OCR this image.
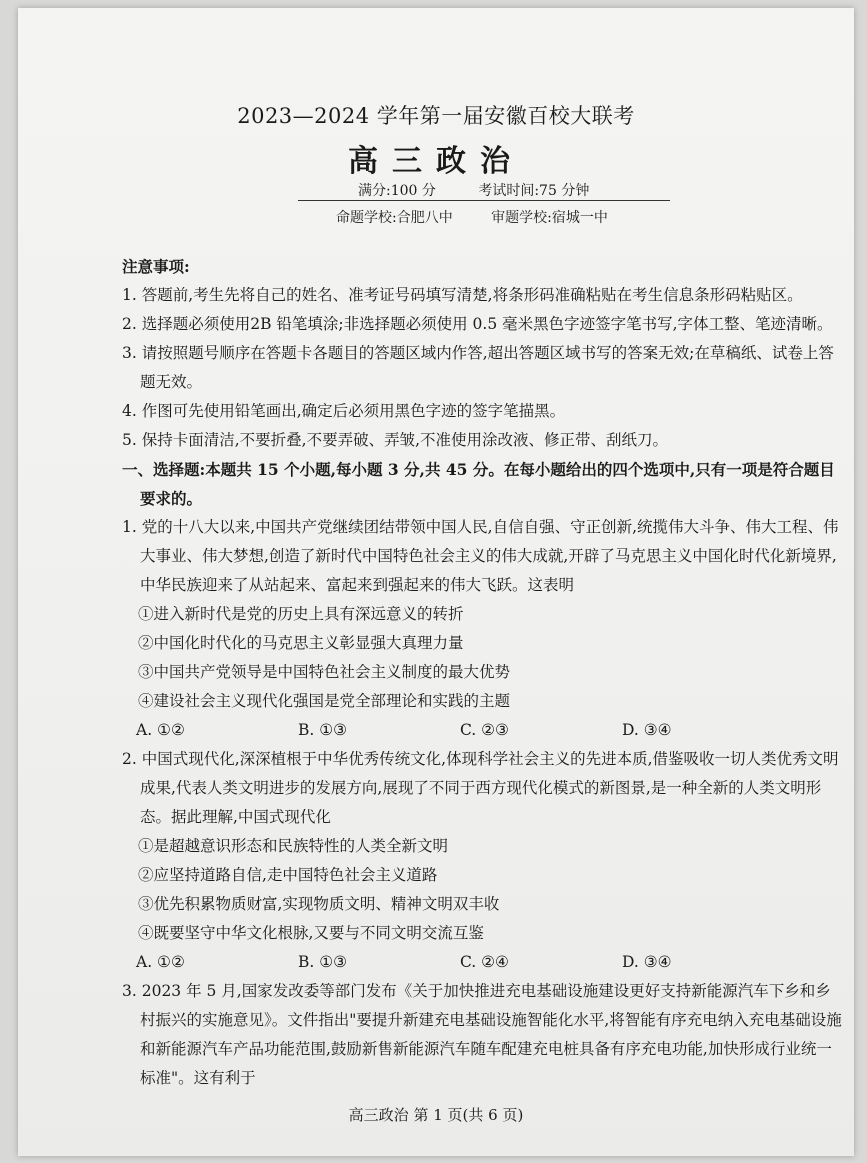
2023—2024 学年第一届安徽百校大联考
高三政治
满分:100 分	考试时间:75 分钟
命题学校:合肥八中	审题学校:宿城一中

注意事项:

1. 答题前,考生先将自己的姓名、准考证号码填写清楚,将条形码准确粘贴在考生信息条形码粘贴区。

2. 选择题必须使用2B 铅笔填涂;非选择题必须使用 0.5 毫米黑色字迹签字笔书写,字体工整、笔迹清晰。

3. 请按照题号顺序在答题卡各题目的答题区域内作答,超出答题区域书写的答案无效;在草稿纸、试卷上答题无效。

4. 作图可先使用铅笔画出,确定后必须用黑色字迹的签字笔描黑。

5. 保持卡面清洁,不要折叠,不要弄破、弄皱,不准使用涂改液、修正带、刮纸刀。

一、选择题:本题共 15 个小题,每小题 3 分,共 45 分。在每小题给出的四个选项中,只有一项是符合题目要求的。

1. 党的十八大以来,中国共产党继续团结带领中国人民,自信自强、守正创新,统揽伟大斗争、伟大工程、伟大事业、伟大梦想,创造了新时代中国特色社会主义的伟大成就,开辟了马克思主义中国化时代化新境界,中华民族迎来了从站起来、富起来到强起来的伟大飞跃。这表明

①进入新时代是党的历史上具有深远意义的转折

②中国化时代化的马克思主义彰显强大真理力量

③中国共产党领导是中国特色社会主义制度的最大优势

④建设社会主义现代化强国是党全部理论和实践的主题

A. ①②	B. ①③	C. ②③	D. ③④

2. 中国式现代化,深深植根于中华优秀传统文化,体现科学社会主义的先进本质,借鉴吸收一切人类优秀文明成果,代表人类文明进步的发展方向,展现了不同于西方现代化模式的新图景,是一种全新的人类文明形态。据此理解,中国式现代化

①是超越意识形态和民族特性的人类全新文明

②应坚持道路自信,走中国特色社会主义道路

③优先积累物质财富,实现物质文明、精神文明双丰收

④既要坚守中华文化根脉,又要与不同文明交流互鉴

A. ①②	B. ①③	C. ②④	D. ③④

3. 2023 年 5 月,国家发改委等部门发布《关于加快推进充电基础设施建设更好支持新能源汽车下乡和乡村振兴的实施意见》。文件指出"要提升新建充电基础设施智能化水平,将智能有序充电纳入充电基础设施和新能源汽车产品功能范围,鼓励新售新能源汽车随车配建充电桩具备有序充电功能,加快形成行业统一标准"。这有利于

高三政治 第 1 页(共 6 页)
